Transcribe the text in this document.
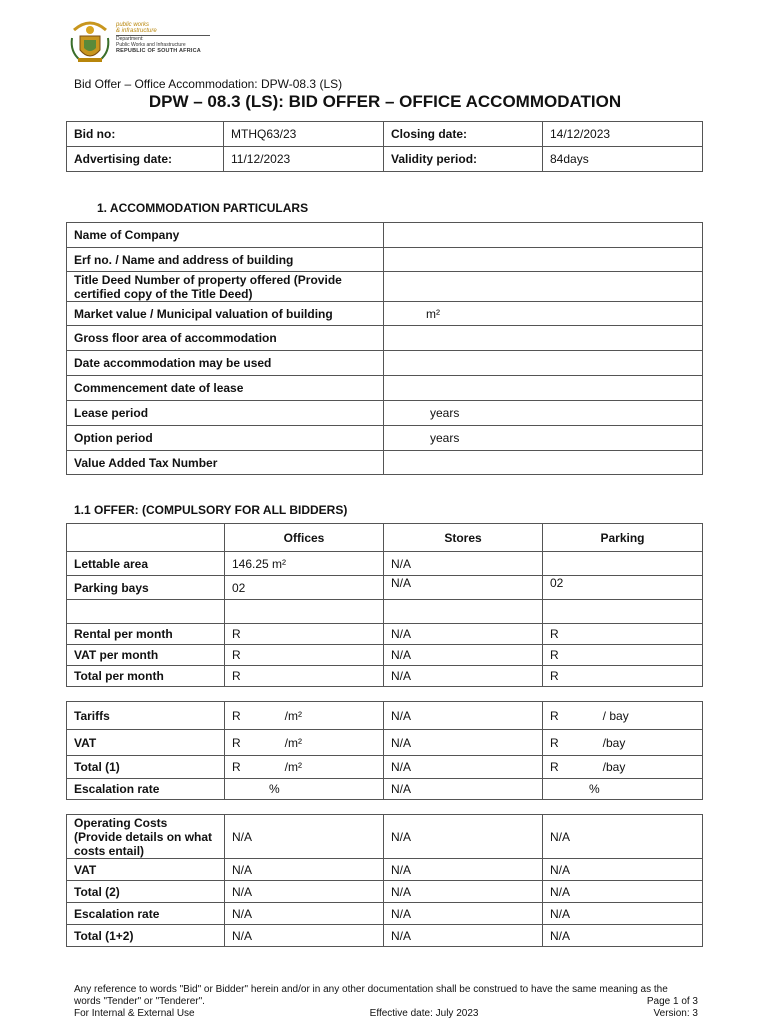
public works
& infrastructure
Department:
Public Works and Infrastructure
REPUBLIC OF SOUTH AFRICA
Bid Offer – Office Accommodation: DPW-08.3 (LS)
DPW – 08.3 (LS): BID OFFER – OFFICE ACCOMMODATION
Bid no:	MTHQ63/23	Closing date:	14/12/2023
Advertising date:	11/12/2023	Validity period:	84days
1. ACCOMMODATION PARTICULARS
Name of Company	
Erf no. / Name and address of building	
Title Deed Number of property offered (Provide certified copy of the Title Deed)	
Market value / Municipal valuation of building	m²
Gross floor area of accommodation	
Date accommodation may be used	
Commencement date of lease	
Lease period	years
Option period	years
Value Added Tax Number	
1.1 OFFER: (COMPULSORY FOR ALL BIDDERS)
	Offices	Stores	Parking
Lettable area	146.25 m²	N/A	
Parking bays	02	N/A	02

Rental per month	R	N/A	R
VAT per month	R	N/A	R
Total per month	R	N/A	R

Tariffs	R /m²	N/A	R / bay
VAT	R /m²	N/A	R /bay
Total (1)	R /m²	N/A	R /bay
Escalation rate	%	N/A	%

Operating Costs (Provide details on what costs entail)	N/A	N/A	N/A
VAT	N/A	N/A	N/A
Total (2)	N/A	N/A	N/A
Escalation rate	N/A	N/A	N/A
Total (1+2)	N/A	N/A	N/A
Any reference to words "Bid" or Bidder" herein and/or in any other documentation shall be construed to have the same meaning as the
words "Tender" or "Tenderer".	Page 1 of 3
For Internal & External Use	Effective date: July 2023	Version: 3
